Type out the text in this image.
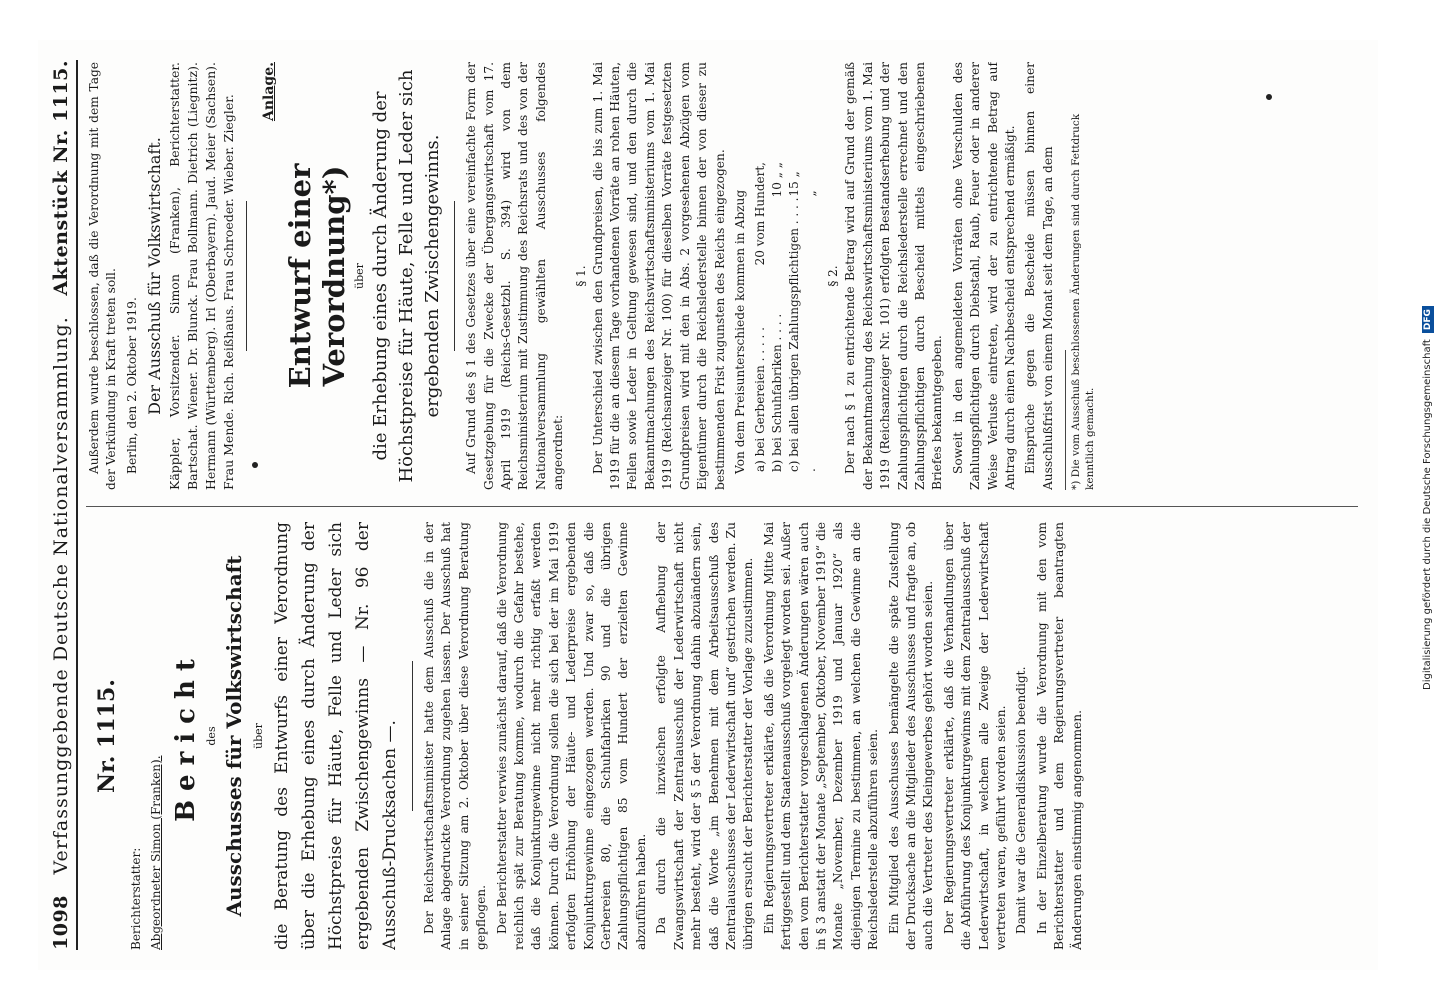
1098
Verfassunggebende Deutsche Nationalversammlung.
Aktenstück Nr. 1115.
Nr. 1115.
Berichterstatter: Abgeordneter Simon (Franken).
Bericht des Ausschusses für Volkswirtschaft über die Beratung des Entwurfs einer Verordnung über die Erhebung eines durch Änderung der Höchstpreise für Häute, Felle und Leder sich ergebenden Zwischengewinns — Nr. 96 der Ausschuß-Drucksachen —.	Der Reichswirtschaftsminister hatte dem Ausschuß die in der Anlage abgedruckte Verordnung zugehen lassen. Der Ausschuß hat in seiner Sitzung am 2. Oktober über diese Verordnung Beratung gepflogen. Der Berichterstatter verwies zunächst darauf, daß die Verordnung reichlich spät zur Beratung komme, wodurch die Gefahr bestehe, daß die Konjunkturgewinne nicht mehr richtig erfaßt werden können. Durch die Verordnung sollen die sich bei der im Mai 1919 erfolgten Erhöhung der Häute- und Lederpreise ergebenden Konjunkturgewinne eingezogen werden. Und zwar so, daß die Gerbereien 80, die Schuhfabriken 90 und die übrigen Zahlungspflichtigen 85 vom Hundert der erzielten Gewinne abzuführen haben. Da durch die inzwischen erfolgte Aufhebung der Zwangswirtschaft der Zentralausschuß der Lederwirtschaft nicht mehr besteht, wird der § 5 der Verordnung dahin abzuändern sein, daß die Worte „im Benehmen mit dem Arbeitsausschuß des Zentralausschusses der Lederwirtschaft und“ gestrichen werden. Zu übrigen ersucht der Berichterstatter der Vorlage zuzustimmen. Ein Regierungsvertreter erklärte, daß die Verordnung Mitte Mai fertiggestellt und dem Staatenausschuß vorgelegt worden sei. Außer den vom Berichterstatter vorgeschlagenen Änderungen wären auch in § 3 anstatt der Monate „September, Oktober, November 1919“ die Monate „November, Dezember 1919 und Januar 1920“ als diejenigen Termine zu bestimmen, an welchen die Gewinne an die Reichslederstelle abzuführen seien. Ein Mitglied des Ausschusses bemängelte die späte Zustellung der Drucksache an die Mitglieder des Ausschusses und fragte an, ob auch die Vertreter des Kleingewerbes gehört worden seien. Der Regierungsvertreter erklärte, daß die Verhandlungen über die Abführung des Konjunkturgewinns mit dem Zentralausschuß der Lederwirtschaft, in welchem alle Zweige der Lederwirtschaft vertreten waren, geführt worden seien. Damit war die Generaldiskussion beendigt. In der Einzelberatung wurde die Verordnung mit den vom Berichterstatter und dem Regierungsvertreter beantragten Änderungen einstimmig angenommen.

Außerdem wurde beschlossen, daß die Verordnung mit dem Tage der Verkündung in Kraft treten soll. Berlin, den 2. Oktober 1919. Der Ausschuß für Volkswirtschaft. Käppler, Vorsitzender. Simon (Franken), Berichterstatter. Bartschat. Wiener. Dr. Blunck. Frau Bollmann. Dietrich (Liegnitz). Hermann (Württemberg). Irl (Oberbayern). Jaud. Meier (Sachsen). Frau Mende. Rich. Reißhaus. Frau Schroeder. Wieber. Ziegler.
Anlage.
Entwurf einer Verordnung*) über die Erhebung eines durch Änderung der Höchstpreise für Häute, Felle und Leder sich ergebenden Zwischengewinns. Auf Grund des § 1 des Gesetzes über eine vereinfachte Form der Gesetzgebung für die Zwecke der Übergangswirtschaft vom 17. April 1919 (Reichs-Gesetzbl. S. 394) wird von dem Reichsministerium mit Zustimmung des Reichsrats und des von der Nationalversammlung gewählten Ausschusses folgendes angeordnet:

§ 1. Der Unterschied zwischen den Grundpreisen, die bis zum 1. Mai 1919 für die an diesem Tage vorhandenen Vorräte an rohen Häuten, Fellen sowie Leder in Geltung gewesen sind, und den durch die Bekanntmachungen des Reichswirtschaftsministeriums vom 1. Mai 1919 (Reichsanzeiger Nr. 100) für dieselben Vorräte festgesetzten Grundpreisen wird mit den in Abs. 2 vorgesehenen Abzügen vom Eigentümer durch die Reichslederstelle binnen der von dieser zu bestimmenden Frist zugunsten des Reichs eingezogen. Von dem Preisunterschiede kommen in Abzug a) bei Gerbereien . . . . .
20 vom Hundert,
b) bei Schuhfabriken . . . .
10 „ „
c) bei allen übrigen Zahlungspflichtigen . . . . .
15 „ „
§ 2. Der nach § 1 zu entrichtende Betrag wird auf Grund der gemäß der Bekanntmachung des Reichswirtschaftsministeriums vom 1. Mai 1919 (Reichsanzeiger Nr. 101) erfolgten Bestandserhebung und der Zahlungspflichtigen durch die Reichslederstelle errechnet und den Zahlungspflichtigen durch Bescheid mittels eingeschriebenen Briefes bekanntgegeben. Soweit in den angemeldeten Vorräten ohne Verschulden des Zahlungspflichtigen durch Diebstahl, Raub, Feuer oder in anderer Weise Verluste eintreten, wird der zu entrichtende Betrag auf Antrag durch einen Nachbescheid entsprechend ermäßigt. Einsprüche gegen die Bescheide müssen binnen einer Ausschlußfrist von einem Monat seit dem Tage, an dem *) Die vom Ausschuß beschlossenen Änderungen sind durch Fettdruck kenntlich gemacht.	Digitalisierung gefördert durch die Deutsche Forschungsgemeinschaft
DFG
